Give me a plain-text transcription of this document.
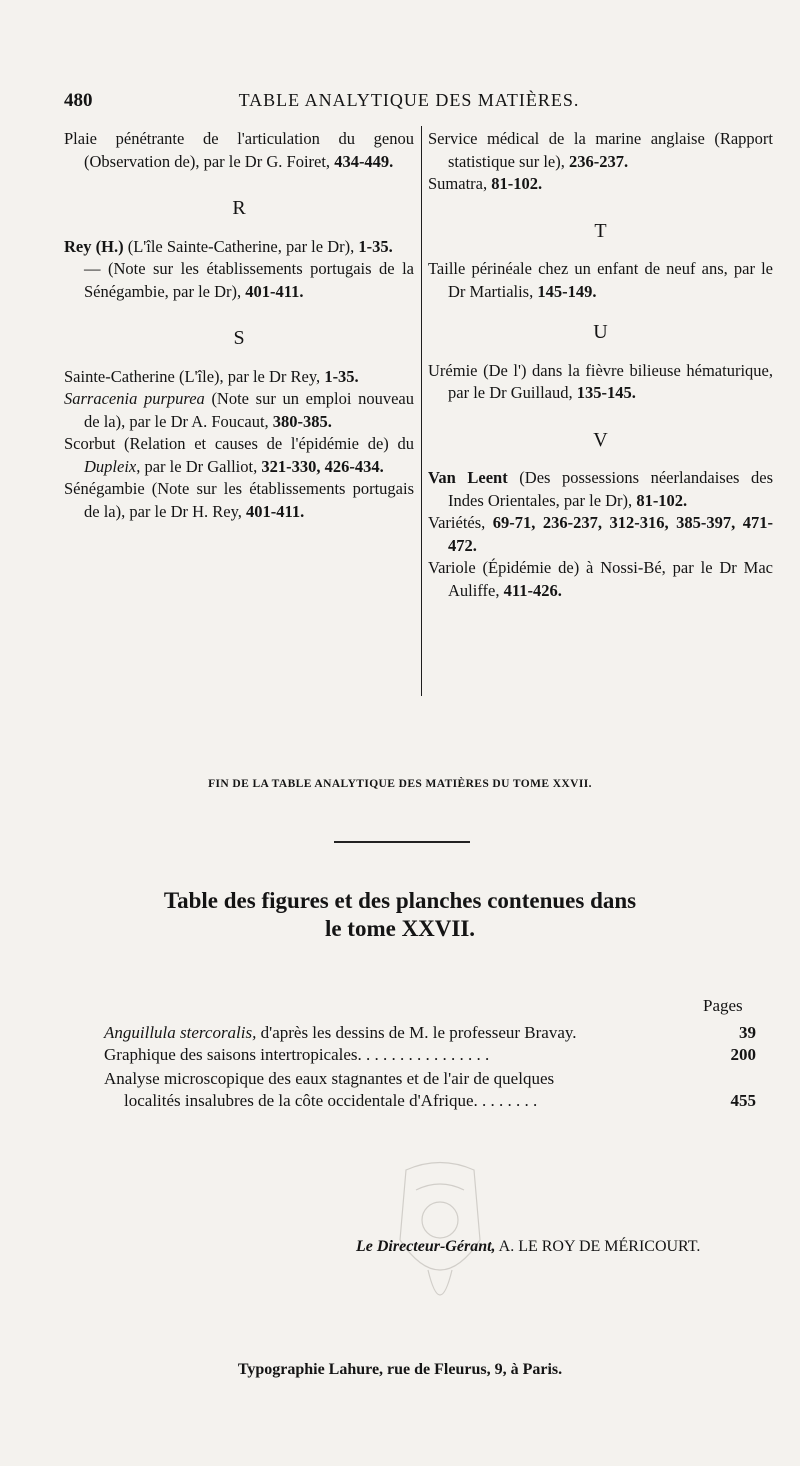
480	TABLE ANALYTIQUE DES MATIÈRES.
Plaie pénétrante de l'articulation du genou (Observation de), par le Dr G. Foiret, 434-449.
R
Rey (H.) (L'île Sainte-Catherine, par le Dr), 1-35.
— (Note sur les établissements portugais de la Sénégambie, par le Dr), 401-411.
S
Sainte-Catherine (L'île), par le Dr Rey, 1-35.
Sarracenia purpurea (Note sur un emploi nouveau de la), par le Dr A. Foucaut, 380-385.
Scorbut (Relation et causes de l'épidémie de) du Dupleix, par le Dr Galliot, 321-330, 426-434.
Sénégambie (Note sur les établissements portugais de la), par le Dr H. Rey, 401-411.
Service médical de la marine anglaise (Rapport statistique sur le), 236-237.
Sumatra, 81-102.
T
Taille périnéale chez un enfant de neuf ans, par le Dr Martialis, 145-149.
U
Urémie (De l') dans la fièvre bilieuse hématurique, par le Dr Guillaud, 135-145.
V
Van Leent (Des possessions néerlandaises des Indes Orientales, par le Dr), 81-102.
Variétés, 69-71, 236-237, 312-316, 385-397, 471-472.
Variole (Épidémie de) à Nossi-Bé, par le Dr Mac Auliffe, 411-426.
FIN DE LA TABLE ANALYTIQUE DES MATIÈRES DU TOME XXVII.
Table des figures et des planches contenues dans
le tome XXVII.
Pages
Anguillula stercoralis, d'après les dessins de M. le professeur Bravay.	39
Graphique des saisons intertropicales. . . . . . . . . . . . . . . .	200
Analyse microscopique des eaux stagnantes et de l'air de quelques
localités insalubres de la côte occidentale d'Afrique. . . . . . . .	455
Le Directeur-Gérant, A. LE ROY DE MÉRICOURT.
Typographie Lahure, rue de Fleurus, 9, à Paris.
